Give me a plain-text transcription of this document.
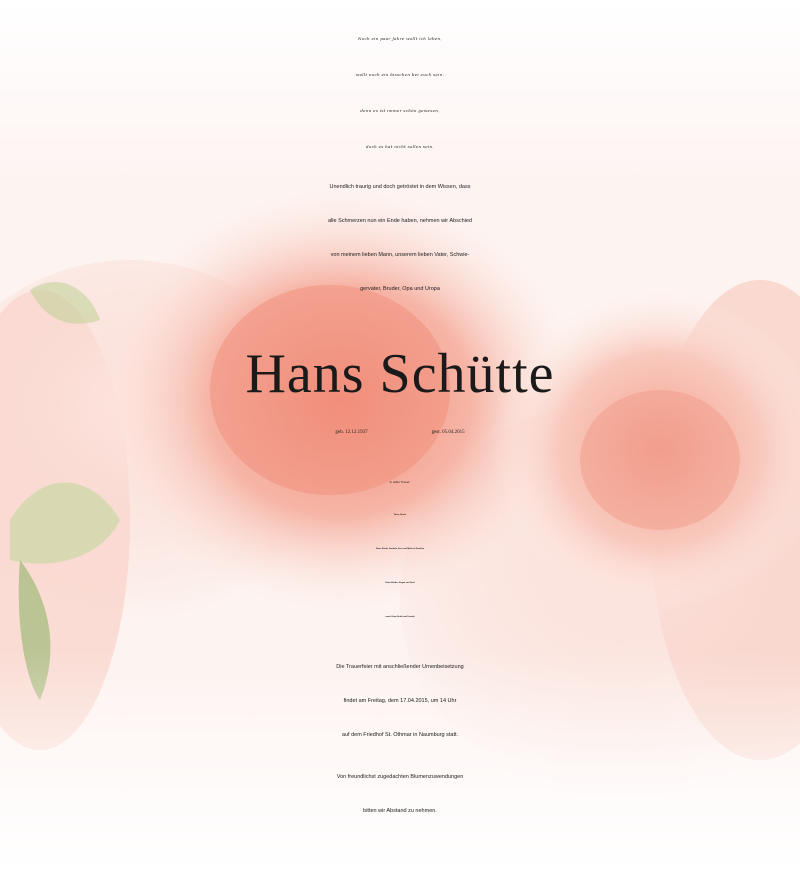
Noch ein paar Jahre wollt ich leben,
wollt noch ein bisschen bei euch sein,
denn es ist immer schön gewesen,
doch es hat nicht sollen sein.
Unendlich traurig und doch getröstet in dem Wissen, dass
alle Schmerzen nun ein Ende haben, nehmen wir Abschied
von meinem lieben Mann, unserem lieben Vater, Schwie-
gervater, Bruder, Opa und Uropa
Hans Schütte
geb. 12.12.1937	gest. 05.04.2015
In stiller Trauer:
Deine Gisela
Deine Kinder Gundula, Jens und Maik mit Familien
Deine Brüder Jürgen und Gerd
sowie Deine Enkel und Urenkel
Die Trauerfeier mit anschließender Urnenbeisetzung
findet am Freitag, dem 17.04.2015, um 14 Uhr
auf dem Friedhof St. Othmar in Naumburg statt.
Von freundlichst zugedachten Blumenzuwendungen
bitten wir Abstand zu nehmen.
